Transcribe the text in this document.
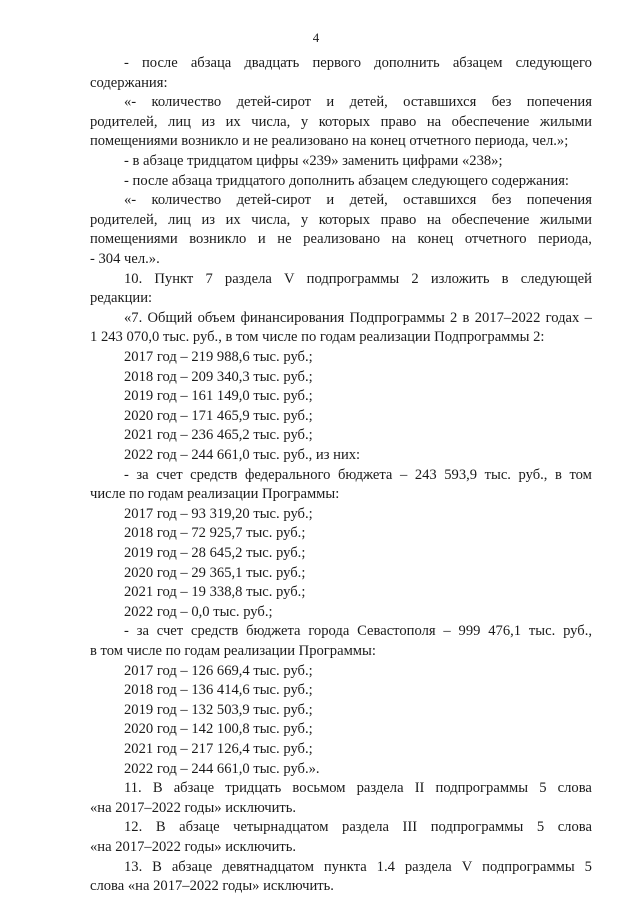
4
- после абзаца двадцать первого дополнить абзацем следующего
содержания:
«- количество детей-сирот и детей, оставшихся без попечения
родителей, лиц из их числа, у которых право на обеспечение жилыми
помещениями возникло и не реализовано на конец отчетного периода, чел.»;
- в абзаце тридцатом цифры «239» заменить цифрами «238»;
- после абзаца тридцатого дополнить абзацем следующего содержания:
«- количество детей-сирот и детей, оставшихся без попечения
родителей, лиц из их числа, у которых право на обеспечение жилыми
помещениями возникло и не реализовано на конец отчетного периода,
- 304 чел.».
10. Пункт 7 раздела V подпрограммы 2 изложить в следующей
редакции:
«7. Общий объем финансирования Подпрограммы 2 в 2017–2022 годах –
1 243 070,0 тыс. руб., в том числе по годам реализации Подпрограммы 2:
2017 год – 219 988,6 тыс. руб.;
2018 год – 209 340,3 тыс. руб.;
2019 год – 161 149,0 тыс. руб.;
2020 год – 171 465,9 тыс. руб.;
2021 год – 236 465,2 тыс. руб.;
2022 год – 244 661,0 тыс. руб., из них:
- за счет средств федерального бюджета – 243 593,9 тыс. руб., в том
числе по годам реализации Программы:
2017 год – 93 319,20 тыс. руб.;
2018 год – 72 925,7 тыс. руб.;
2019 год – 28 645,2 тыс. руб.;
2020 год – 29 365,1 тыс. руб.;
2021 год – 19 338,8 тыс. руб.;
2022 год – 0,0 тыс. руб.;
- за счет средств бюджета города Севастополя – 999 476,1 тыс. руб.,
в том числе по годам реализации Программы:
2017 год – 126 669,4 тыс. руб.;
2018 год – 136 414,6 тыс. руб.;
2019 год – 132 503,9 тыс. руб.;
2020 год – 142 100,8 тыс. руб.;
2021 год – 217 126,4 тыс. руб.;
2022 год – 244 661,0 тыс. руб.».
11. В абзаце тридцать восьмом раздела II подпрограммы 5 слова
«на 2017–2022 годы» исключить.
12. В абзаце четырнадцатом раздела III подпрограммы 5 слова
«на 2017–2022 годы» исключить.
13. В абзаце девятнадцатом пункта 1.4 раздела V подпрограммы 5
слова «на 2017–2022 годы» исключить.
